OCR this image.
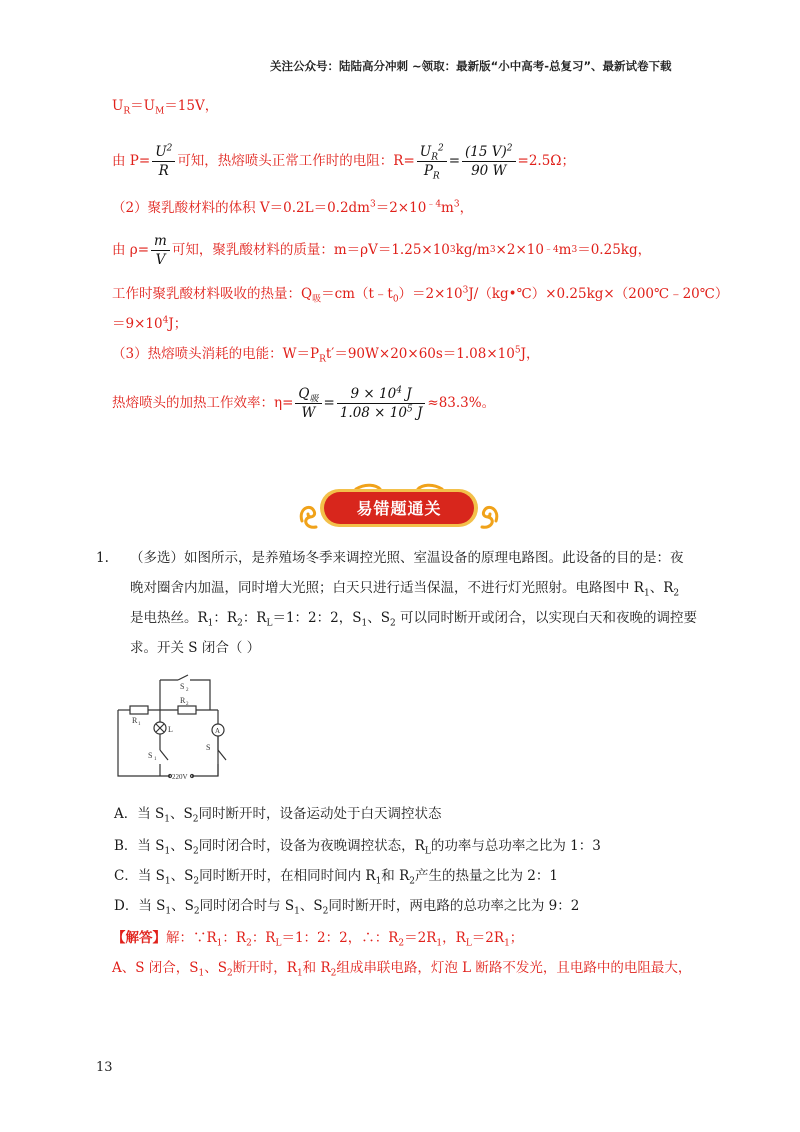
关注公众号：陆陆高分冲刺 ~领取：最新版“小中高考-总复习”、最新试卷下载
$U_R=U_M=15V$，
由 $P= \frac{U^2}{R}$ 可知，热熔喷头正常工作时的电阻：$R= \frac{U_R^2}{P_R} = \frac{(15 V)^2}{90 W} =2.5\Omega$；
（2）聚乳酸材料的体积 $V=0.2L=0.2dm^3=2\times 10^{﹣4}m^3$，
由 $\rho= \frac{m}{V}$ 可知，聚乳酸材料的质量：m＝ρV＝1.25×10 3 kg/m 3 ×2×10 ﹣4 m 3 ＝0.25kg，
工作时聚乳酸材料吸收的热量：$Q_吸=cm(t﹣t_0)=2\times 10^3J/(kg•℃)\times 0.25kg\times(200℃﹣20℃)$
$=9\times 10^4J$；
（3）热熔喷头消耗的电能：$W=P_Rt'=90W\times 20\times 60s=1.08\times 10^5J$，
热熔喷头的加热工作效率：$\eta= \frac{Q_吸}{W} = \frac{9 \times 10^4 J}{1.08 \times 10^5 J} \approx 83.3\%$。
易错题通关
1. （多选）如图所示，是养殖场冬季来调控光照、室温设备的原理电路图。此设备的目的是：夜
晚对圈舍内加温，同时增大光照；白天只进行适当保温，不进行灯光照射。电路图中 $R_1$、$R_2$
是电热丝。$R_1$：$R_2$：$R_L=1$：2：2，$S_1$、$S_2$ 可以同时断开或闭合，以实现白天和夜晚的调控要
求。开关 S 闭合（ ）
R 1
R 2
S 2
S 1
S
L	A
220V
A．当 $S_1$、$S_2$同时断开时，设备运动处于白天调控状态
B．当 $S_1$、$S_2$同时闭合时，设备为夜晚调控状态，$R_L$的功率与总功率之比为 1：3
C．当 $S_1$、$S_2$同时断开时，在相同时间内 $R_1$和 $R_2$产生的热量之比为 2：1
D．当 $S_1$、$S_2$同时闭合时与 $S_1$、$S_2$同时断开时，两电路的总功率之比为 9：2
【解答】解：$\because R_1$：$R_2$：$R_L=1$：2：2，∴：$R_2=2R_1$，$R_L=2R_1$；
A、S 闭合，$S_1$、$S_2$断开时，$R_1$和 $R_2$组成串联电路，灯泡 L 断路不发光，且电路中的电阻最大，
13
